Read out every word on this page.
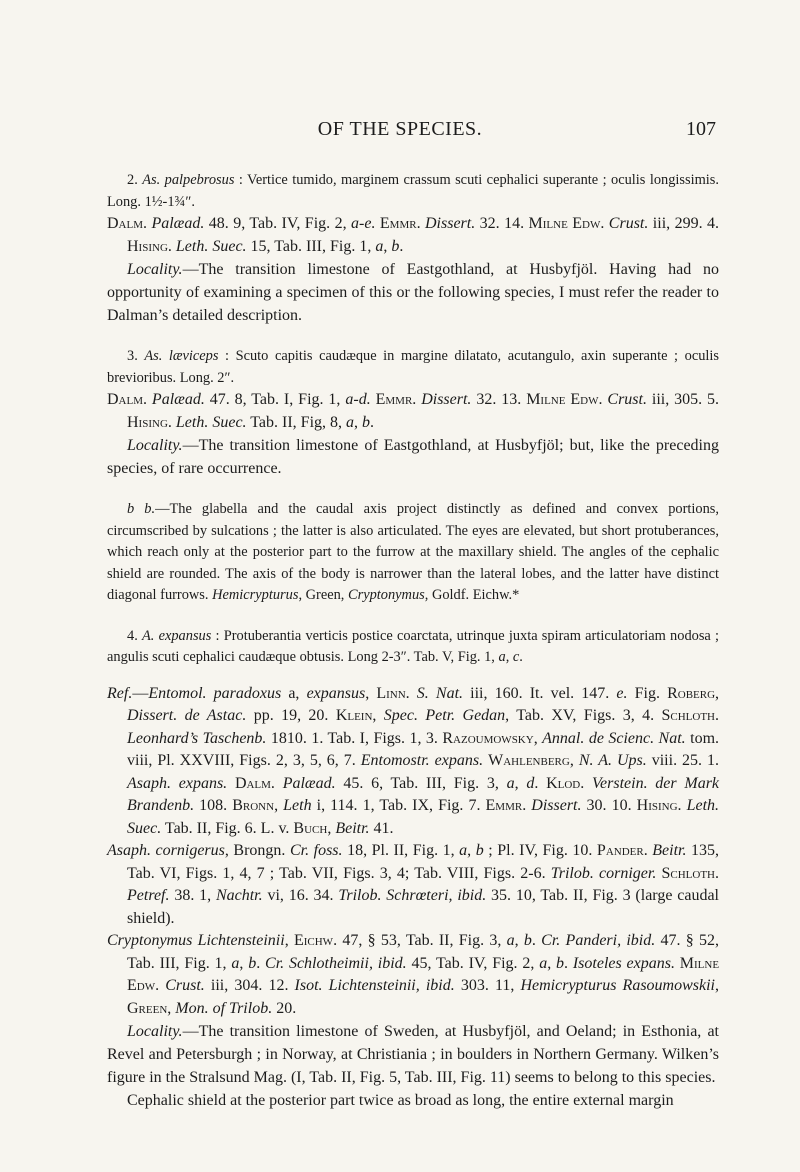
OF THE SPECIES.	107

2. As. palpebrosus : Vertice tumido, marginem crassum scuti cephalici superante ; oculis longissimis. Long. 1½-1¾″.

Dalm. Palæad. 48. 9, Tab. IV, Fig. 2, a-e. Emmr. Dissert. 32. 14. Milne Edw. Crust. iii, 299. 4. Hising. Leth. Suec. 15, Tab. III, Fig. 1, a, b.

Locality.—The transition limestone of Eastgothland, at Husbyfjöl. Having had no opportunity of examining a specimen of this or the following species, I must refer the reader to Dalman’s detailed description.

3. As. læviceps : Scuto capitis caudæque in margine dilatato, acutangulo, axin superante ; oculis brevioribus. Long. 2″.

Dalm. Palæad. 47. 8, Tab. I, Fig. 1, a-d. Emmr. Dissert. 32. 13. Milne Edw. Crust. iii, 305. 5. Hising. Leth. Suec. Tab. II, Fig, 8, a, b.

Locality.—The transition limestone of Eastgothland, at Husbyfjöl; but, like the preceding species, of rare occurrence.

b b.—The glabella and the caudal axis project distinctly as defined and convex portions, circumscribed by sulcations ; the latter is also articulated. The eyes are elevated, but short protuberances, which reach only at the posterior part to the furrow at the maxillary shield. The angles of the cephalic shield are rounded. The axis of the body is narrower than the lateral lobes, and the latter have distinct diagonal furrows. Hemicrypturus, Green, Cryptonymus, Goldf. Eichw.*

4. A. expansus : Protuberantia verticis postice coarctata, utrinque juxta spiram articulatoriam nodosa ; angulis scuti cephalici caudæque obtusis. Long 2-3″. Tab. V, Fig. 1, a, c.

Ref.—Entomol. paradoxus a, expansus, Linn. S. Nat. iii, 160. It. vel. 147. e. Fig. Roberg, Dissert. de Astac. pp. 19, 20. Klein, Spec. Petr. Gedan, Tab. XV, Figs. 3, 4. Schloth. Leonhard’s Taschenb. 1810. 1. Tab. I, Figs. 1, 3. Razoumowsky, Annal. de Scienc. Nat. tom. viii, Pl. XXVIII, Figs. 2, 3, 5, 6, 7. Entomostr. expans. Wahlenberg, N. A. Ups. viii. 25. 1. Asaph. expans. Dalm. Palæad. 45. 6, Tab. III, Fig. 3, a, d. Klod. Verstein. der Mark Brandenb. 108. Bronn, Leth i, 114. 1, Tab. IX, Fig. 7. Emmr. Dissert. 30. 10. Hising. Leth. Suec. Tab. II, Fig. 6. L. v. Buch, Beitr. 41.

Asaph. cornigerus, Brongn. Cr. foss. 18, Pl. II, Fig. 1, a, b ; Pl. IV, Fig. 10. Pander. Beitr. 135, Tab. VI, Figs. 1, 4, 7 ; Tab. VII, Figs. 3, 4; Tab. VIII, Figs. 2-6. Trilob. corniger. Schloth. Petref. 38. 1, Nachtr. vi, 16. 34. Trilob. Schrœteri, ibid. 35. 10, Tab. II, Fig. 3 (large caudal shield).

Cryptonymus Lichtensteinii, Eichw. 47, § 53, Tab. II, Fig. 3, a, b. Cr. Panderi, ibid. 47. § 52, Tab. III, Fig. 1, a, b. Cr. Schlotheimii, ibid. 45, Tab. IV, Fig. 2, a, b. Isoteles expans. Milne Edw. Crust. iii, 304. 12. Isot. Lichtensteinii, ibid. 303. 11, Hemicrypturus Rasoumowskii, Green, Mon. of Trilob. 20.

Locality.—The transition limestone of Sweden, at Husbyfjöl, and Oeland; in Esthonia, at Revel and Petersburgh ; in Norway, at Christiania ; in boulders in Northern Germany. Wilken’s figure in the Stralsund Mag. (I, Tab. II, Fig. 5, Tab. III, Fig. 11) seems to belong to this species.

Cephalic shield at the posterior part twice as broad as long, the entire external margin
